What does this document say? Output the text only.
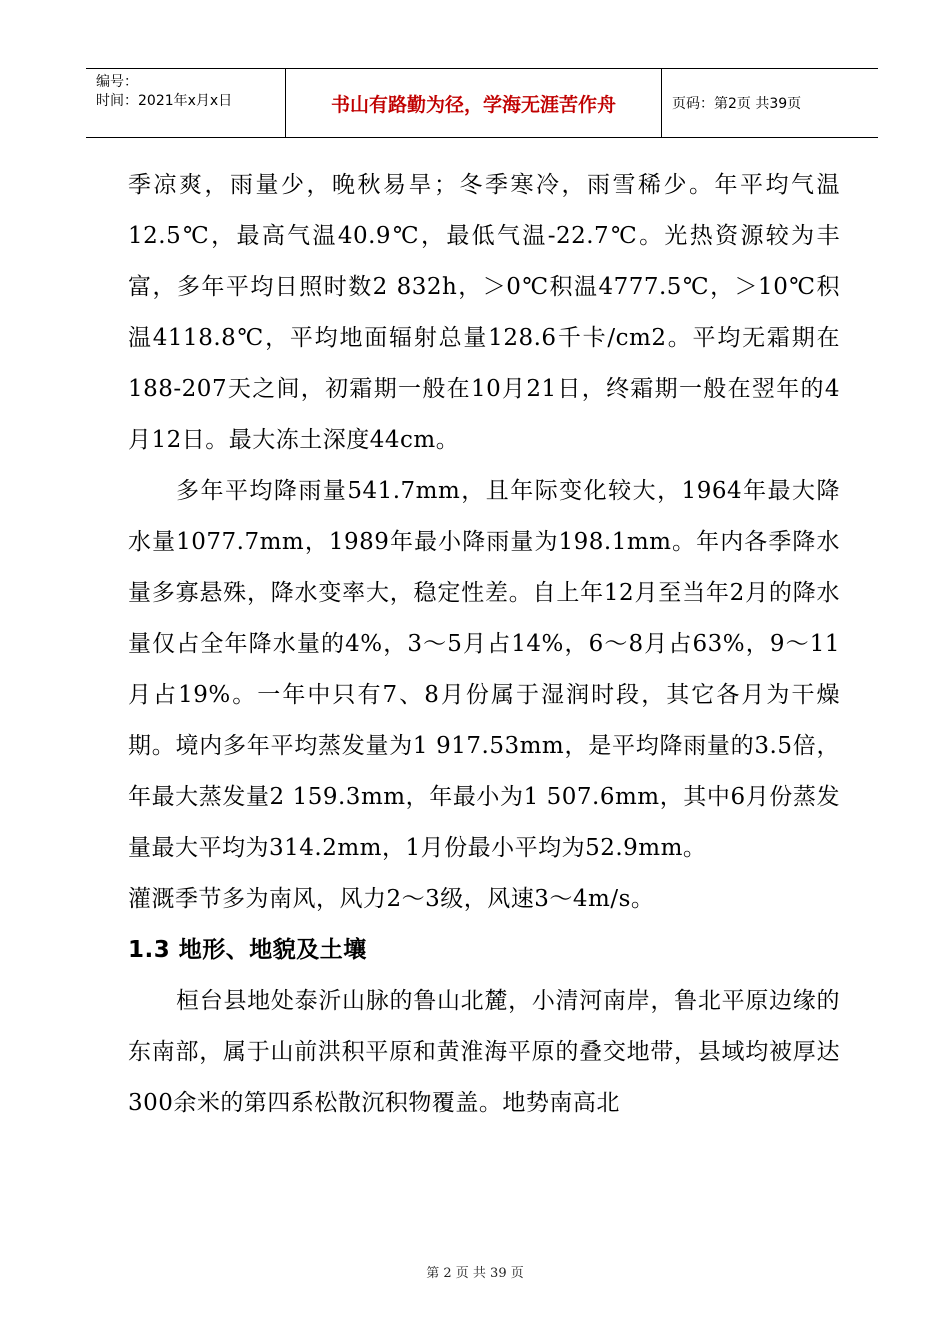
编号：
时间：2021年x月x日	书山有路勤为径，学海无涯苦作舟	页码：第2页 共39页

季凉爽，雨量少，晚秋易旱；冬季寒冷，雨雪稀少。年平均气温12.5℃，最高气温40.9℃，最低气温-22.7℃。光热资源较为丰富，多年平均日照时数2 832h，＞0℃积温4777.5℃，＞10℃积温4118.8℃，平均地面辐射总量128.6千卡/cm2。平均无霜期在188-207天之间，初霜期一般在10月21日，终霜期一般在翌年的4月12日。最大冻土深度44cm。

多年平均降雨量541.7mm，且年际变化较大，1964年最大降水量1077.7mm，1989年最小降雨量为198.1mm。年内各季降水量多寡悬殊，降水变率大，稳定性差。自上年12月至当年2月的降水量仅占全年降水量的4%，3～5月占14%，6～8月占63%，9～11月占19%。一年中只有7、8月份属于湿润时段，其它各月为干燥期。境内多年平均蒸发量为1 917.53mm，是平均降雨量的3.5倍，年最大蒸发量2 159.3mm，年最小为1 507.6mm，其中6月份蒸发量最大平均为314.2mm，1月份最小平均为52.9mm。

灌溉季节多为南风，风力2～3级，风速3～4m/s。

1.3 地形、地貌及土壤

桓台县地处泰沂山脉的鲁山北麓，小清河南岸，鲁北平原边缘的东南部，属于山前洪积平原和黄淮海平原的叠交地带，县域均被厚达300余米的第四系松散沉积物覆盖。地势南高北

第 2 页 共 39 页
